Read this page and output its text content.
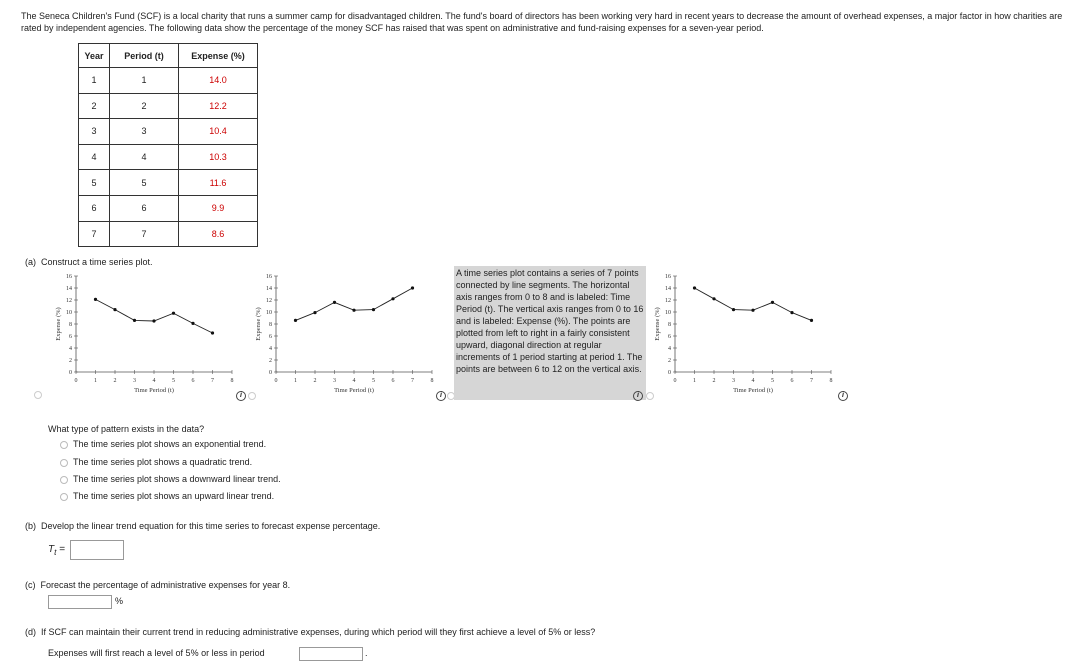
The Seneca Children's Fund (SCF) is a local charity that runs a summer camp for disadvantaged children. The fund's board of directors has been working very hard in recent years to decrease the amount of overhead expenses, a major factor in how charities are rated by independent agencies. The following data show the percentage of the money SCF has raised that was spent on administrative and fund-raising expenses for a seven-year period.
Year	Period (t)	Expense (%)
1	1	14.0
2	2	12.2
3	3	10.4
4	4	10.3
5	5	11.6
6	6	9.9
7	7	8.6
(a) Construct a time series plot.
0
2
4
6
8
10
12
14
16
0	1	2	3	4	5	6	7	8
Time Period (t)
Expense (%)
i
0
2
4
6
8
10
12
14
16
0	1	2	3	4	5	6	7	8
Time Period (t)
Expense (%)
i
A time series plot contains a series of 7 points connected by line segments. The horizontal axis ranges from 0 to 8 and is labeled: Time Period (t). The vertical axis ranges from 0 to 16 and is labeled: Expense (%). The points are plotted from left to right in a fairly consistent upward, diagonal direction at regular increments of 1 period starting at period 1. The points are between 6 to 12 on the vertical axis.
i
0
2
4
6
8
10
12
14
16
0	1	2	3	4	5	6	7	8
Time Period (t)
Expense (%)
i
What type of pattern exists in the data?
The time series plot shows an exponential trend.
The time series plot shows a quadratic trend.
The time series plot shows a downward linear trend.
The time series plot shows an upward linear trend.
(b) Develop the linear trend equation for this time series to forecast expense percentage.
$T_t$ =
(c) Forecast the percentage of administrative expenses for year 8.
%
(d) If SCF can maintain their current trend in reducing administrative expenses, during which period will they first achieve a level of 5% or less?
Expenses will first reach a level of 5% or less in period	.
